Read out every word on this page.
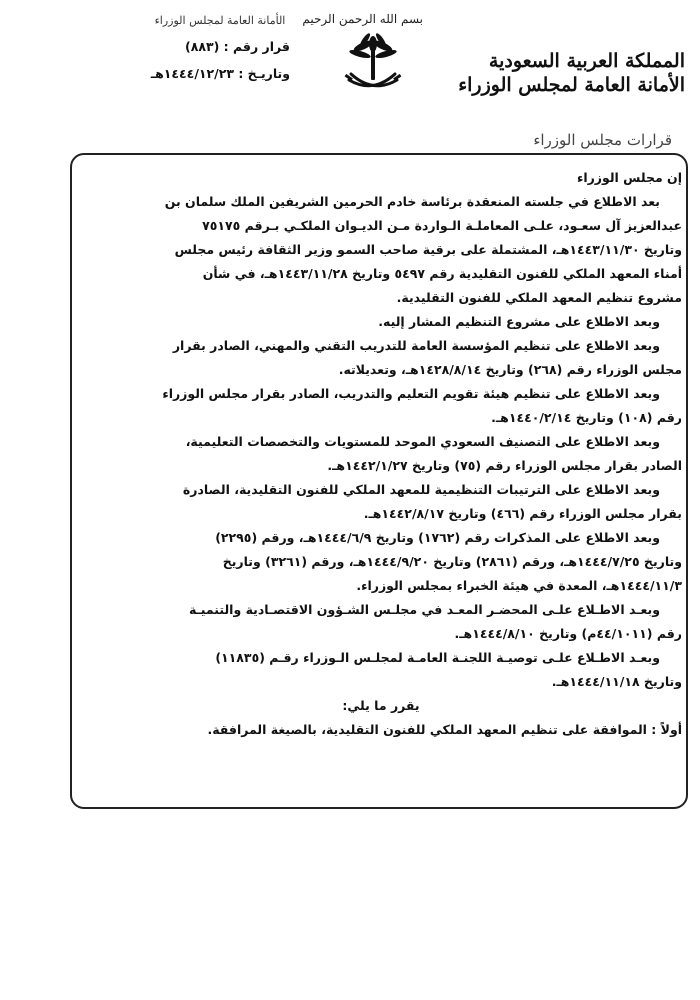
الأمانة العامة لمجلس الوزراء
قرار رقم : (٨٨٣)
وتاريـخ : ١٤٤٤/١٢/٢٣هـ
بسم الله الرحمن الرحيم
المملكة العربية السعودية
الأمانة العامة لمجلس الوزراء
قرارات مجلس الوزراء
إن مجلس الوزراء
بعد الاطلاع في جلسته المنعقدة برئاسة خادم الحرمين الشريفين الملك سلمان بن
عبدالعزيز آل سعـود، علـى المعاملـة الـواردة مـن الديـوان الملكـي بـرقم ٧٥١٧٥
وتاريخ ١٤٤٣/١١/٣٠هـ، المشتملة على برقية صاحب السمو وزير الثقافة رئيس مجلس
أمناء المعهد الملكي للفنون التقليدية رقم ٥٤٩٧ وتاريخ ١٤٤٣/١١/٢٨هـ، في شأن
مشروع تنظيم المعهد الملكي للفنون التقليدية.
وبعد الاطلاع على مشروع التنظيم المشار إليه.
وبعد الاطلاع على تنظيم المؤسسة العامة للتدريب التقني والمهني، الصادر بقرار
مجلس الوزراء رقم (٢٦٨) وتاريخ ١٤٢٨/٨/١٤هـ، وتعديلاته.
وبعد الاطلاع على تنظيم هيئة تقويم التعليم والتدريب، الصادر بقرار مجلس الوزراء
رقم (١٠٨) وتاريخ ١٤٤٠/٢/١٤هـ.
وبعد الاطلاع على التصنيف السعودي الموحد للمستويات والتخصصات التعليمية،
الصادر بقرار مجلس الوزراء رقم (٧٥) وتاريخ ١٤٤٢/١/٢٧هـ.
وبعد الاطلاع على الترتيبات التنظيمية للمعهد الملكي للفنون التقليدية، الصادرة
بقرار مجلس الوزراء رقم (٤٦٦) وتاريخ ١٤٤٢/٨/١٧هـ.
وبعد الاطلاع على المذكرات رقم (١٧٦٢) وتاريخ ١٤٤٤/٦/٩هـ، ورقم (٢٢٩٥)
وتاريخ ١٤٤٤/٧/٢٥هـ، ورقم (٢٨٦١) وتاريخ ١٤٤٤/٩/٢٠هـ، ورقم (٣٢٦١) وتاريخ
١٤٤٤/١١/٣هـ، المعدة في هيئة الخبراء بمجلس الوزراء.
وبعـد الاطـلاع علـى المحضـر المعـد في مجلـس الشـؤون الاقتصـادية والتنميـة
رقم (٤٤/١٠١١م) وتاريخ ١٤٤٤/٨/١٠هـ.
وبعـد الاطـلاع علـى توصيـة اللجنـة العامـة لمجلـس الـوزراء رقـم (١١٨٣٥)
وتاريخ ١٤٤٤/١١/١٨هـ.
يقرر ما يلي:
أولاً : الموافقة على تنظيم المعهد الملكي للفنون التقليدية، بالصيغة المرافقة.
